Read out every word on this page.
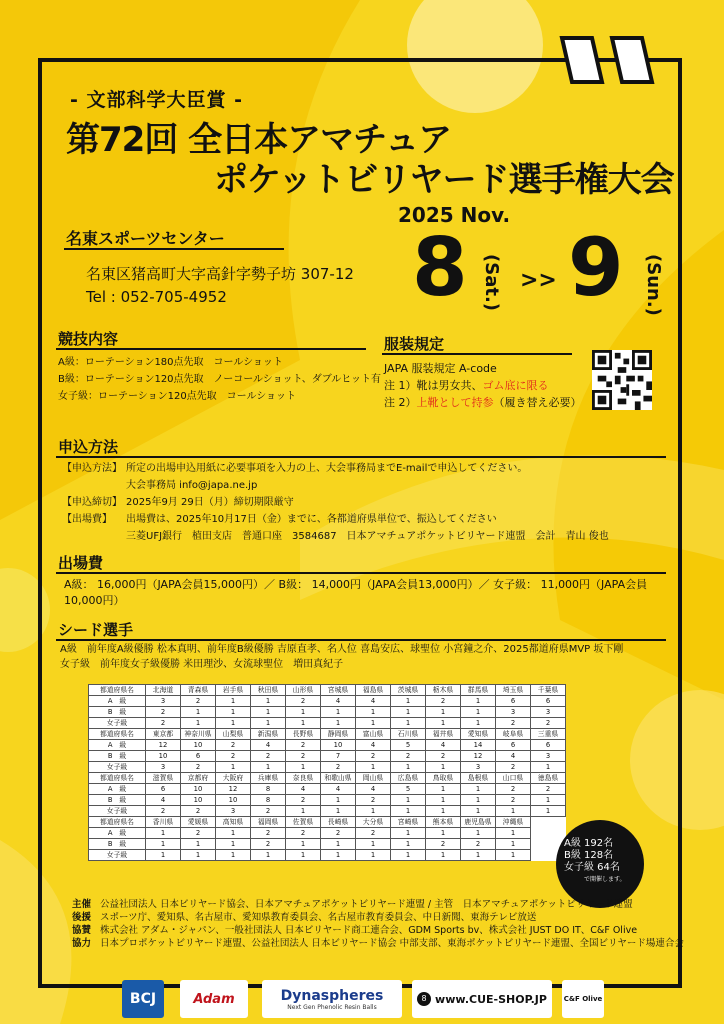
- 文部科学大臣賞 -
第72回 全日本アマチュア
ポケットビリヤード選手権大会
2025 Nov.
8 (Sat.) >> 9 (Sun.)
名東スポーツセンター
名東区猪高町大字高針字勢子坊 307-12
Tel : 052-705-4952
競技内容
A級：ローテーション180点先取　コールショット
B級：ローテーション120点先取　ノーコールショット、ダブルヒット有
女子級：ローテーション120点先取　コールショット
服装規定
JAPA 服装規定 A-code
注 1）靴は男女共、ゴム底に限る
注 2）上靴として持参（履き替え必要）
申込方法
【申込方法】 所定の出場申込用紙に必要事項を入力の上、大会事務局までE-mailで申込してください。
大会事務局 info@japa.ne.jp
【申込締切】 2025年9月 29日（月）締切期限厳守
【出場費】 出場費は、2025年10月17日（金）までに、各都道府県単位で、振込してください
三菱UFJ銀行　植田支店　普通口座　3584687　日本アマチュアポケットビリヤード連盟　会計　青山 俊也
出場費
A級： 16,000円（JAPA会員15,000円）／ B級： 14,000円（JAPA会員13,000円）／ 女子級： 11,000円（JAPA会員10,000円）
シード選手
A級　前年度A級優勝 松本真明、前年度B級優勝 吉原直孝、名人位 喜島安広、球聖位 小宮鐘之介、2025都道府県MVP 坂下剛
女子級　前年度女子級優勝 米田理沙、女流球聖位　増田真紀子
都道府県名	北海道	青森県	岩手県	秋田県	山形県	宮城県	福島県	茨城県	栃木県	群馬県	埼玉県	千葉県
A　級	3	2	1	1	2	4	4	1	2	1	6	6
B　級	2	1	1	1	1	1	1	1	1	1	3	3
女子級	2	1	1	1	1	1	1	1	1	1	2	2
都道府県名	東京都	神奈川県	山梨県	新潟県	長野県	静岡県	富山県	石川県	福井県	愛知県	岐阜県	三重県
A　級	12	10	2	4	2	10	4	5	4	14	6	6
B　級	10	6	2	2	2	7	2	2	2	12	4	3
女子級	3	2	1	1	1	2	1	1	1	3	2	1
都道府県名	滋賀県	京都府	大阪府	兵庫県	奈良県	和歌山県	岡山県	広島県	鳥取県	島根県	山口県	徳島県
A　級	6	10	12	8	4	4	4	5	1	1	2	2
B　級	4	10	10	8	2	1	2	1	1	1	2	1
女子級	2	2	3	2	1	1	1	1	1	1	1	1
都道府県名	香川県	愛媛県	高知県	福岡県	佐賀県	長崎県	大分県	宮崎県	熊本県	鹿児島県	沖縄県	
A　級	1	2	1	2	2	2	2	1	1	1	1	
B　級	1	1	1	2	1	1	1	1	2	2	1	
女子級	1	1	1	1	1	1	1	1	1	1	1	
A級 192名
B級 128名
女子級 64名
で開催します。
主催 公益社団法人 日本ビリヤード協会、日本アマチュアポケットビリヤード連盟 / 主管　日本アマチュアポケットビリヤード連盟
後援 スポーツ庁、愛知県、名古屋市、愛知県教育委員会、名古屋市教育委員会、中日新聞、東海テレビ放送
協賛 株式会社 アダム・ジャパン、一般社団法人 日本ビリヤード商工連合会、GDM Sports bv、株式会社 JUST DO IT、C&F Olive
協力 日本プロポケットビリヤード連盟、公益社団法人 日本ビリヤード協会 中部支部、東海ポケットビリヤード連盟、全国ビリヤード場連合会
BCJ	Adam	Dynaspheres
Next Gen Phenolic Resin Balls
8 www.CUE-SHOP.JP C&F Olive
